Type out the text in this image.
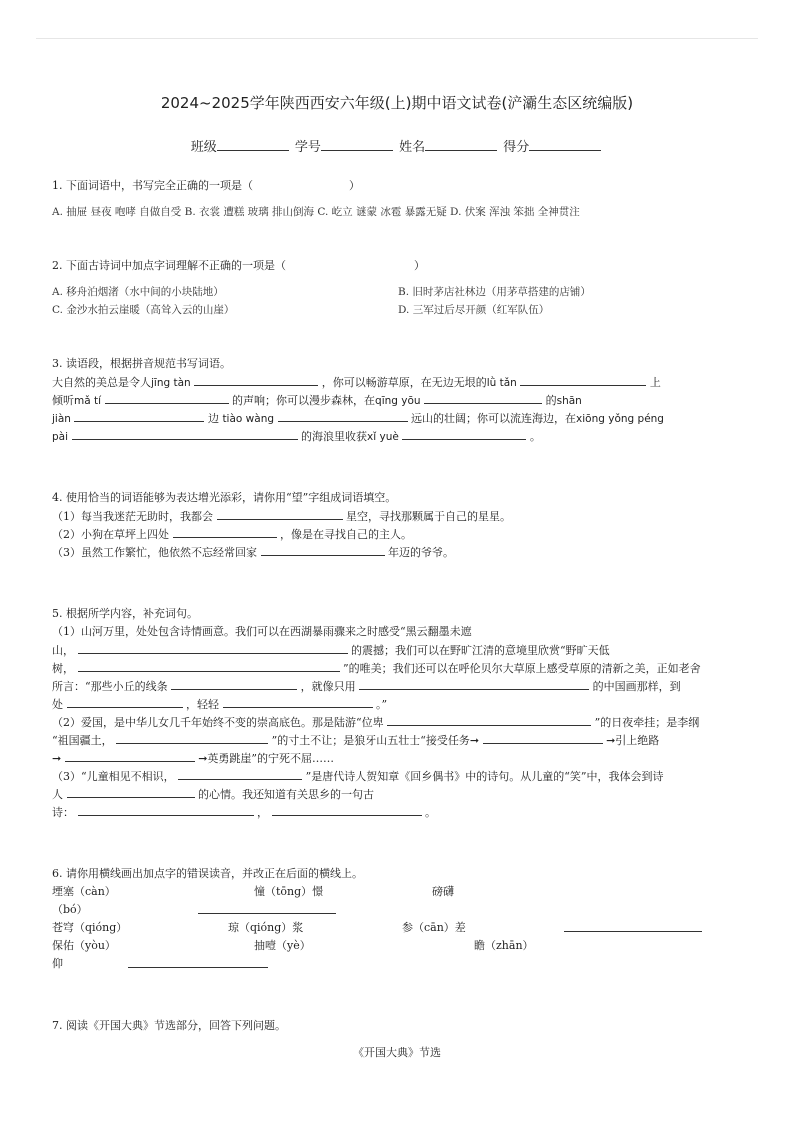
2024~2025学年陕西西安六年级(上)期中语文试卷(浐灞生态区统编版)
班级	学号	姓名	得分
1. 下面词语中，书写完全正确的一项是（	）
A. 抽屉 昼夜 咆哮 自做自受 B. 衣裳 遭糕 玻璃 排山倒海 C. 屹立 谜蒙 冰雹 暴露无疑 D. 伏案 浑浊 笨拙 全神贯注
2. 下面古诗词中加点字词理解不正确的一项是（	）
A. 移舟泊烟渚（水中间的小块陆地）	B. 旧时茅店社林边（用茅草搭建的店铺）
C. 金沙水拍云崖暖（高耸入云的山崖）	D. 三军过后尽开颜（红军队伍）
3. 读语段，根据拼音规范书写词语。
大自然的美总是令人jīng tàn	，你可以畅游草原，在无边无垠的lǜ tǎn	上
倾听mǎ tí	的声响；你可以漫步森林，在qīng yōu	的shān
jiàn	边 tiào wàng	远山的壮阔；你可以流连海边，在xiōng yǒng péng
pài	的海浪里收获xǐ yuè	。
4. 使用恰当的词语能够为表达增光添彩，请你用“望”字组成词语填空。
（1）每当我迷茫无助时，我都会	星空，寻找那颗属于自己的星星。
（2）小狗在草坪上四处	，像是在寻找自己的主人。
（3）虽然工作繁忙，他依然不忘经常回家	年迈的爷爷。
5. 根据所学内容，补充词句。
（1）山河万里，处处包含诗情画意。我们可以在西湖暴雨骤来之时感受“黑云翻墨未遮
山，	的震撼；我们可以在野旷江清的意境里欣赏“野旷天低
树，	”的唯美；我们还可以在呼伦贝尔大草原上感受草原的清新之美，正如老舍
所言：“那些小丘的线条	，就像只用	的中国画那样，到
处	，轻轻	。”
（2）爱国，是中华儿女几千年始终不变的崇高底色。那是陆游“位卑	”的日夜牵挂；是李纲
“祖国疆土，	”的寸土不让；是狼牙山五壮士“接受任务➞	➞引上绝路
➞	➞英勇跳崖”的宁死不屈……
（3）“儿童相见不相识，	”是唐代诗人贺知章《回乡偶书》中的诗句。从儿童的“笑”中，我体会到诗
人	的心情。我还知道有关思乡的一句古
诗：	，	。
6. 请你用横线画出加点字的错误读音，并改正在后面的横线上。
堙塞（càn）	憧（tōng）憬	磅礴
（bó）
苍穹（qióng）	琼（qióng）浆	参（cān）差
保佑（yòu）	抽噎（yè）	瞻（zhān）
仰
7. 阅读《开国大典》节选部分，回答下列问题。
《开国大典》节选
